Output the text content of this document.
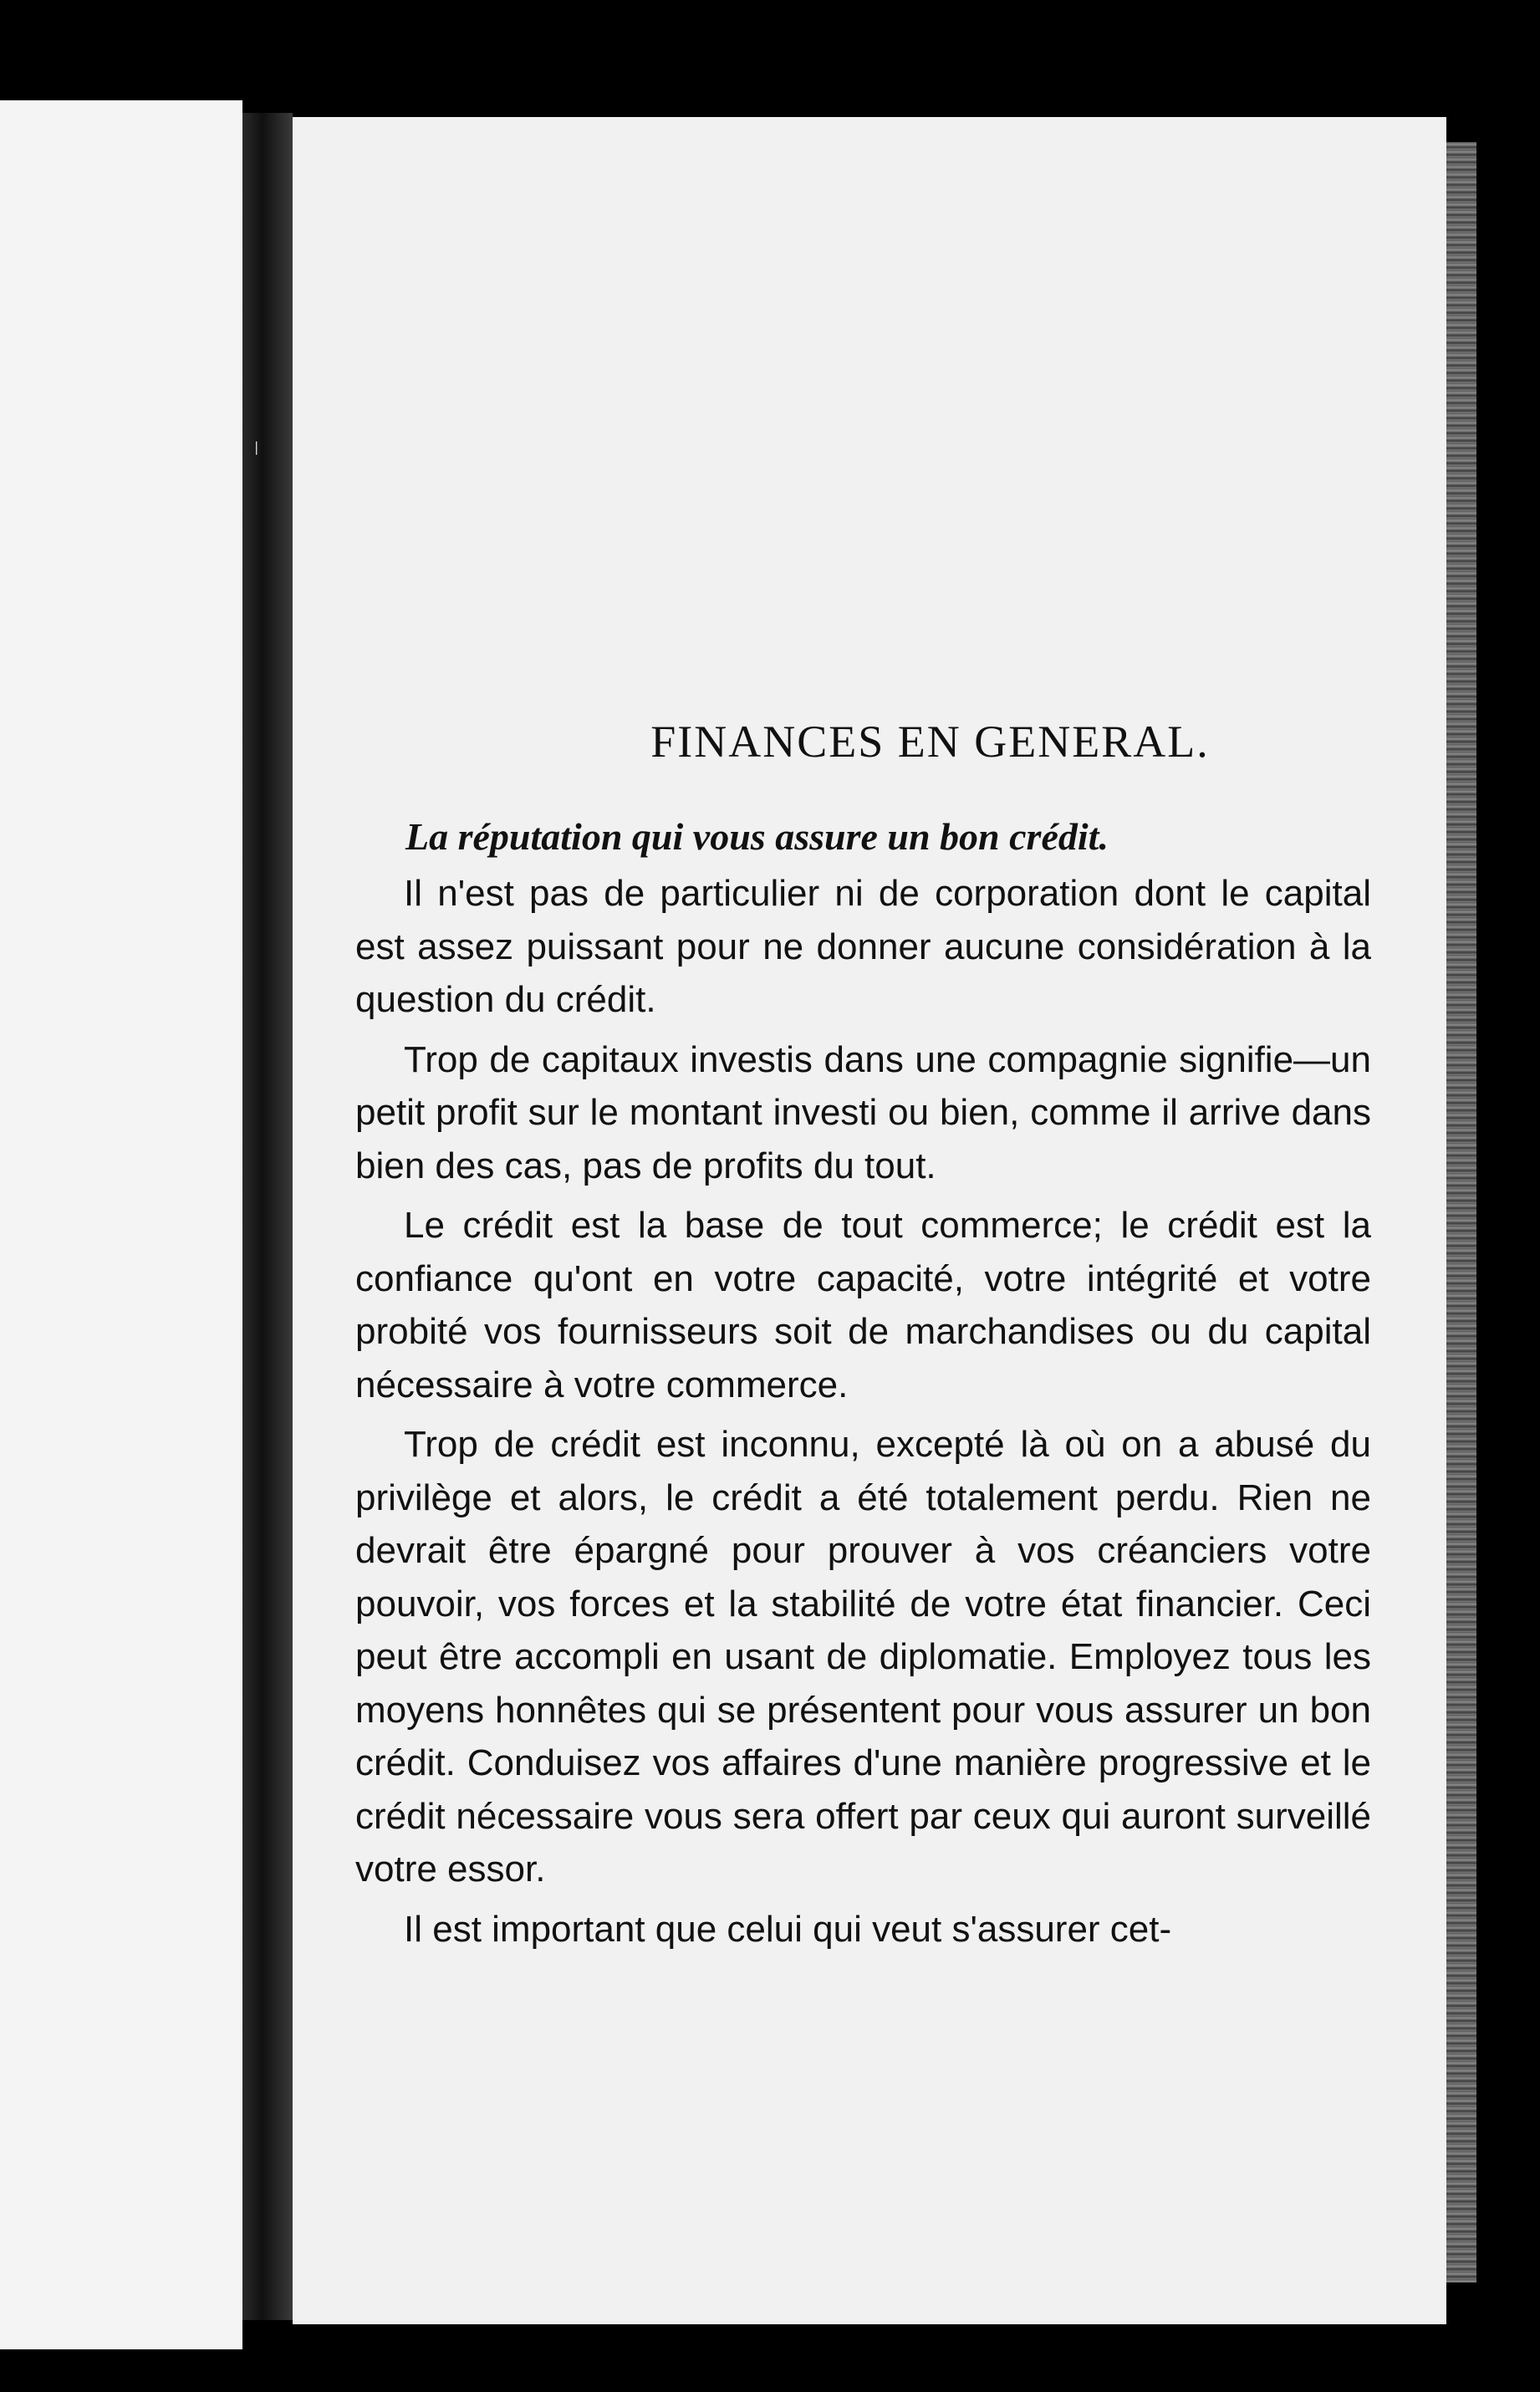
❘
FINANCES EN GENERAL.

La réputation qui vous assure un bon crédit.

Il n'est pas de particulier ni de corporation dont le capital est assez puissant pour ne donner aucune considération à la question du crédit.

Trop de capitaux investis dans une compagnie signifie—un petit profit sur le montant investi ou bien, comme il arrive dans bien des cas, pas de profits du tout.

Le crédit est la base de tout commerce; le crédit est la confiance qu'ont en votre capacité, votre intégrité et votre probité vos fournisseurs soit de marchandises ou du capital nécessaire à votre commerce.

Trop de crédit est inconnu, excepté là où on a abusé du privilège et alors, le crédit a été totalement perdu. Rien ne devrait être épargné pour prouver à vos créanciers votre pouvoir, vos forces et la stabilité de votre état financier. Ceci peut être accompli en usant de diplomatie. Employez tous les moyens honnêtes qui se présentent pour vous assurer un bon crédit. Conduisez vos affaires d'une manière progressive et le crédit nécessaire vous sera offert par ceux qui auront surveillé votre essor.

Il est important que celui qui veut s'assurer cet-
